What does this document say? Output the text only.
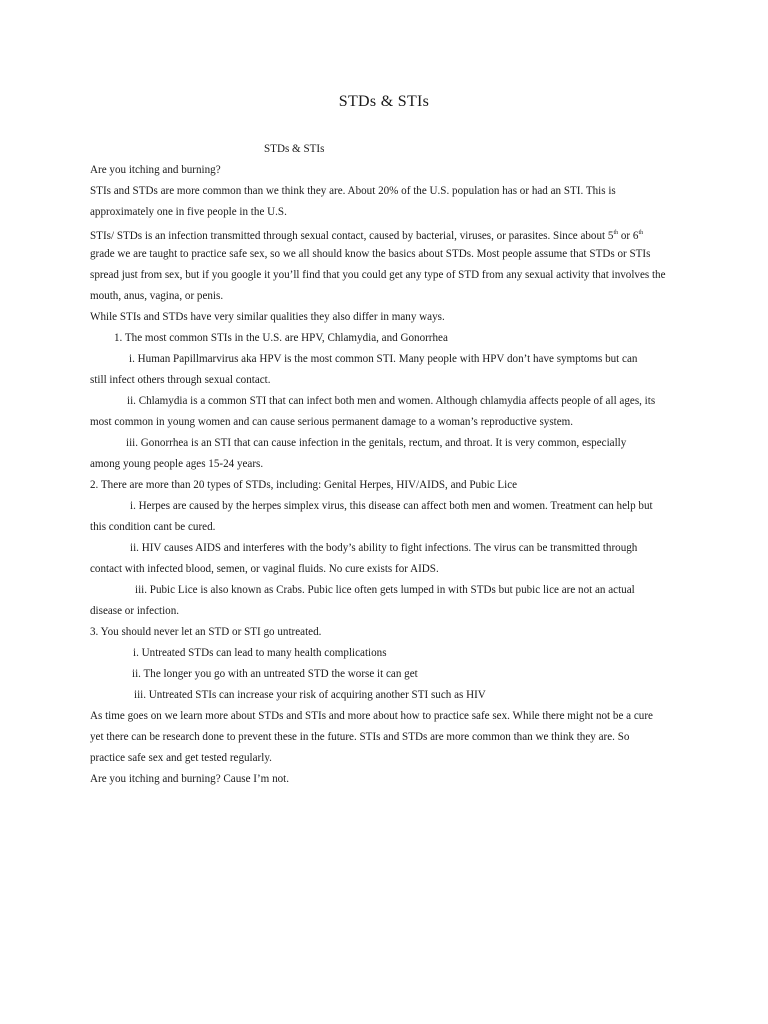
STDs & STIs
STDs & STIs
Are you itching and burning?
STIs and STDs are more common than we think they are. About 20% of the U.S. population has or had an STI. This is
approximately one in five people in the U.S.
STIs/ STDs is an infection transmitted through sexual contact, caused by bacterial, viruses, or parasites. Since about 5th or 6th
grade we are taught to practice safe sex, so we all should know the basics about STDs. Most people assume that STDs or STIs
spread just from sex, but if you google it you’ll find that you could get any type of STD from any sexual activity that involves the
mouth, anus, vagina, or penis.
While STIs and STDs have very similar qualities they also differ in many ways.
1. The most common STIs in the U.S. are HPV, Chlamydia, and Gonorrhea
i. Human Papillmarvirus aka HPV is the most common STI. Many people with HPV don’t have symptoms but can
still infect others through sexual contact.
ii. Chlamydia is a common STI that can infect both men and women. Although chlamydia affects people of all ages, its
most common in young women and can cause serious permanent damage to a woman’s reproductive system.
iii. Gonorrhea is an STI that can cause infection in the genitals, rectum, and throat. It is very common, especially
among young people ages 15-24 years.
2. There are more than 20 types of STDs, including: Genital Herpes, HIV/AIDS, and Pubic Lice
i. Herpes are caused by the herpes simplex virus, this disease can affect both men and women. Treatment can help but
this condition cant be cured.
ii. HIV causes AIDS and interferes with the body’s ability to fight infections. The virus can be transmitted through
contact with infected blood, semen, or vaginal fluids. No cure exists for AIDS.
iii. Pubic Lice is also known as Crabs. Pubic lice often gets lumped in with STDs but pubic lice are not an actual
disease or infection.
3. You should never let an STD or STI go untreated.
i. Untreated STDs can lead to many health complications
ii. The longer you go with an untreated STD the worse it can get
iii. Untreated STIs can increase your risk of acquiring another STI such as HIV
As time goes on we learn more about STDs and STIs and more about how to practice safe sex. While there might not be a cure
yet there can be research done to prevent these in the future. STIs and STDs are more common than we think they are. So
practice safe sex and get tested regularly.
Are you itching and burning? Cause I’m not.
